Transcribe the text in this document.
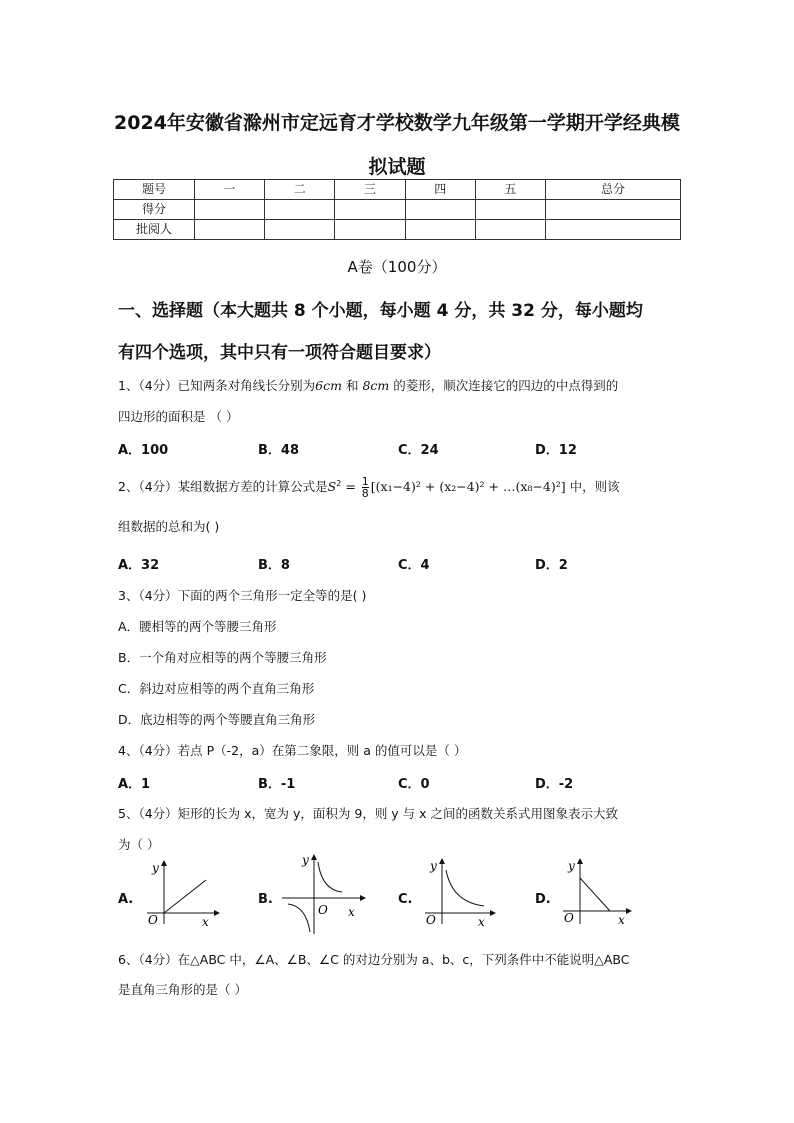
2024年安徽省滁州市定远育才学校数学九年级第一学期开学经典模
拟试题
题号	一	二	三	四	五	总分
得分						
批阅人						
A卷（100分）
一、选择题（本大题共 8 个小题，每小题 4 分，共 32 分，每小题均
有四个选项，其中只有一项符合题目要求）
1、（4分）已知两条对角线长分别为6cm 和 8cm 的菱形，顺次连接它的四边的中点得到的
四边形的面积是 （ ）
A．100	B．48	C．24	D．12
2、（4分）某组数据方差的计算公式是$S^2 = \frac{1}{8} [(x_1-4)^2 + (x_2-4)^2$ + …(x₈−4)²] 中，则该
组数据的总和为( )
A．32	B．8	C．4	D．2
3、（4分）下面的两个三角形一定全等的是( )
A．腰相等的两个等腰三角形
B．一个角对应相等的两个等腰三角形
C．斜边对应相等的两个直角三角形
D．底边相等的两个等腰直角三角形
4、（4分）若点 P（-2，a）在第二象限，则 a 的值可以是（ ）
A．1	B．-1	C．0	D．-2
5、（4分）矩形的长为 x，宽为 y，面积为 9，则 y 与 x 之间的函数关系式用图象表示大致
为（ ）
A.
y
x
O
B.
y
x
O
C.
y
x
O
D.
y
x
O
6、（4分）在△ABC 中，∠A、∠B、∠C 的对边分别为 a、b、c，下列条件中不能说明△ABC
是直角三角形的是（ ）
